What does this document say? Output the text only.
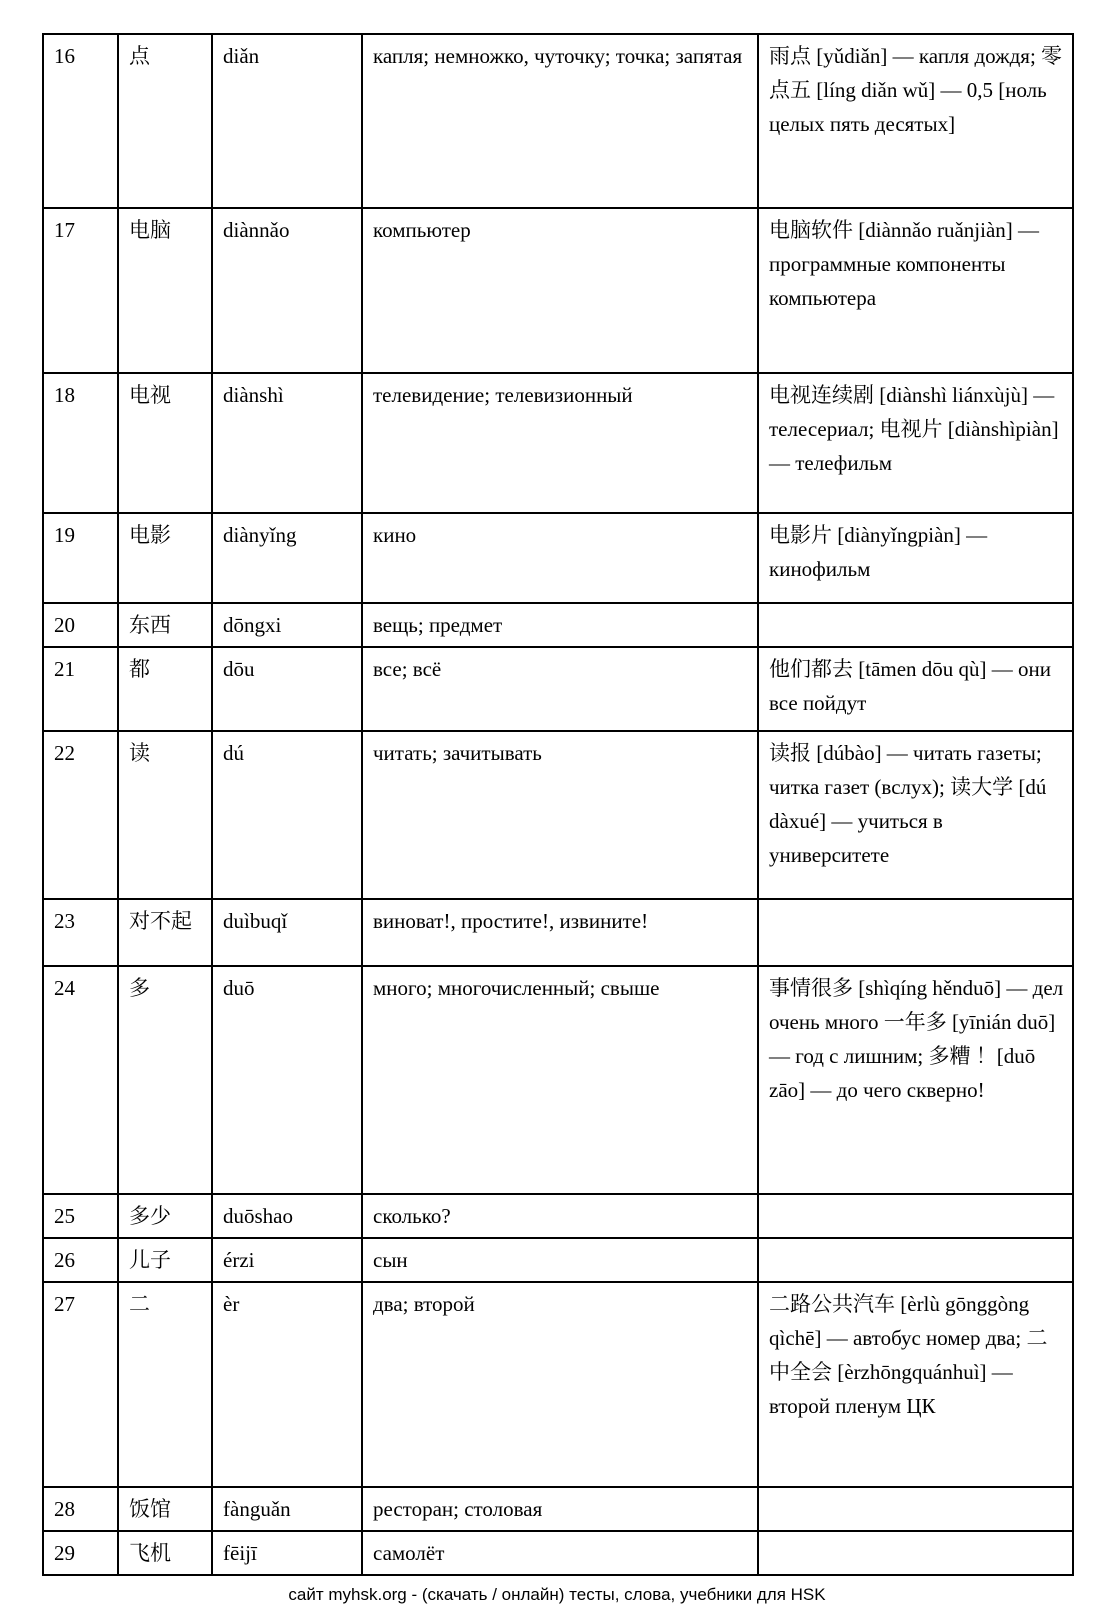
16	点	diǎn	капля; немножко, чуточку; точка; запятая	雨点 [yǔdiǎn] — капля дождя; 零点五 [líng diǎn wǔ] — 0,5 [ноль целых пять десятых]
17	电脑	diànnǎo	компьютер	电脑软件 [diànnǎo ruǎnjiàn] — программные компоненты компьютера
18	电视	diànshì	телевидение; телевизионный	电视连续剧 [diànshì liánxùjù] — телесериал; 电视片 [diànshìpiàn] — телефильм
19	电影	diànyǐng	кино	电影片 [diànyǐngpiàn] — кинофильм
20	东西	dōngxi	вещь; предмет	
21	都	dōu	все; всё	他们都去 [tāmen dōu qù] — они все пойдут
22	读	dú	читать; зачитывать	读报 [dúbào] — читать газеты; читка газет (вслух); 读大学 [dú dàxué] — учиться в университете
23	对不起	duìbuqǐ	виноват!, простите!, извините!	
24	多	duō	много; многочисленный; свыше	事情很多 [shìqíng hěnduō] — дел очень много 一年多 [yīnián duō] — год с лишним; 多糟 ！[duō zāo] — до чего скверно!
25	多少	duōshao	сколько?	
26	儿子	érzi	сын	
27	二	èr	два; второй	二路公共汽车 [èrlù gōnggòng qìchē] — автобус номер два; 二中全会 [èrzhōngquánhuì] — второй пленум ЦК
28	饭馆	fànguǎn	ресторан; столовая	
29	飞机	fēijī	самолёт	
сайт myhsk.org - (скачать / онлайн) тесты, слова, учебники для HSK
